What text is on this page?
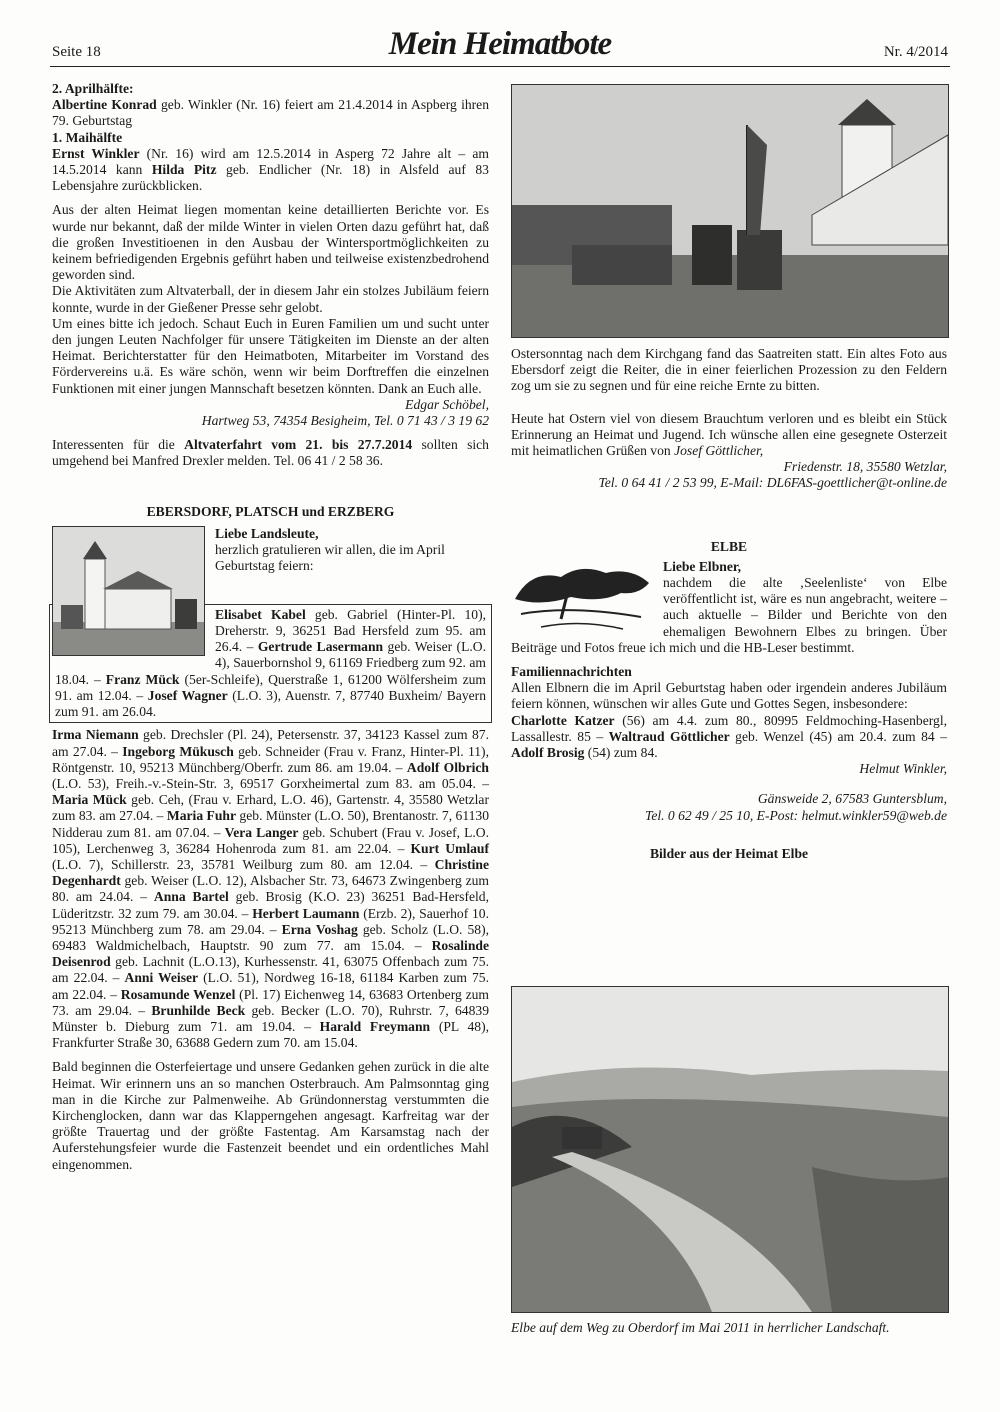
Seite 18	Mein Heimatbote	Nr. 4/2014

2. Aprilhälfte:

Albertine Konrad geb. Winkler (Nr. 16) feiert am 21.4.2014 in Aspberg ihren 79. Geburtstag

1. Maihälfte

Ernst Winkler (Nr. 16) wird am 12.5.2014 in Asperg 72 Jahre alt – am 14.5.2014 kann Hilda Pitz geb. Endlicher (Nr. 18) in Alsfeld auf 83 Lebensjahre zurückblicken.

Aus der alten Heimat liegen momentan keine detaillierten Berichte vor. Es wurde nur bekannt, daß der milde Winter in vielen Orten dazu geführt hat, daß die großen Investitioenen in den Ausbau der Wintersportmöglichkeiten zu keinem befriedigenden Ergebnis geführt haben und teilweise existenzbedrohend geworden sind.

Die Aktivitäten zum Altvaterball, der in diesem Jahr ein stolzes Jubiläum feiern konnte, wurde in der Gießener Presse sehr gelobt.

Um eines bitte ich jedoch. Schaut Euch in Euren Familien um und sucht unter den jungen Leuten Nachfolger für unsere Tätigkeiten im Dienste an der alten Heimat. Berichterstatter für den Heimatboten, Mitarbeiter im Vorstand des Fördervereins u.ä. Es wäre schön, wenn wir beim Dorftreffen die einzelnen Funktionen mit einer jungen Mannschaft besetzen könnten. Dank an Euch alle.

Edgar Schöbel,

Hartweg 53, 74354 Besigheim, Tel. 0 71 43 / 3 19 62

Interessenten für die Altvaterfahrt vom 21. bis 27.7.2014 sollten sich umgehend bei Manfred Drexler melden. Tel. 06 41 / 2 58 36.

EBERSDORF, PLATSCH und ERZBERG

Liebe Landsleute,

herzlich gratulieren wir allen, die im April Geburtstag feiern:

Elisabet Kabel geb. Gabriel (Hinter-Pl. 10), Dreherstr. 9, 36251 Bad Hersfeld zum 95. am 26.4. – Gertrude Lasermann geb. Weiser (L.O. 4), Sauerbornshol 9, 61169 Friedberg zum 92. am 18.04. – Franz Mück (5er-Schleife), Querstraße 1, 61200 Wölfersheim zum 91. am 12.04. – Josef Wagner (L.O. 3), Auenstr. 7, 87740 Buxheim/ Bayern zum 91. am 26.04.

Irma Niemann geb. Drechsler (Pl. 24), Petersenstr. 37, 34123 Kassel zum 87. am 27.04. – Ingeborg Mükusch geb. Schneider (Frau v. Franz, Hinter-Pl. 11), Röntgenstr. 10, 95213 Münchberg/Oberfr. zum 86. am 19.04. – Adolf Olbrich (L.O. 53), Freih.-v.-Stein-Str. 3, 69517 Gorxheimertal zum 83. am 05.04. – Maria Mück geb. Ceh, (Frau v. Erhard, L.O. 46), Gartenstr. 4, 35580 Wetzlar zum 83. am 27.04. – Maria Fuhr geb. Münster (L.O. 50), Brentanostr. 7, 61130 Nidderau zum 81. am 07.04. – Vera Langer geb. Schubert (Frau v. Josef, L.O. 105), Lerchenweg 3, 36284 Hohenroda zum 81. am 22.04. – Kurt Umlauf (L.O. 7), Schillerstr. 23, 35781 Weilburg zum 80. am 12.04. – Christine Degenhardt geb. Weiser (L.O. 12), Alsbacher Str. 73, 64673 Zwingenberg zum 80. am 24.04. – Anna Bartel geb. Brosig (K.O. 23) 36251 Bad-Hersfeld, Lüderitzstr. 32 zum 79. am 30.04. – Herbert Laumann (Erzb. 2), Sauerhof 10. 95213 Münchberg zum 78. am 29.04. – Erna Voshag geb. Scholz (L.O. 58), 69483 Waldmichelbach, Hauptstr. 90 zum 77. am 15.04. – Rosalinde Deisenrod geb. Lachnit (L.O.13), Kurhessenstr. 41, 63075 Offenbach zum 75. am 22.04. – Anni Weiser (L.O. 51), Nordweg 16-18, 61184 Karben zum 75. am 22.04. – Rosamunde Wenzel (Pl. 17) Eichenweg 14, 63683 Ortenberg zum 73. am 29.04. – Brunhilde Beck geb. Becker (L.O. 70), Ruhrstr. 7, 64839 Münster b. Dieburg zum 71. am 19.04. – Harald Freymann (PL 48), Frankfurter Straße 30, 63688 Gedern zum 70. am 15.04.

Bald beginnen die Osterfeiertage und unsere Gedanken gehen zurück in die alte Heimat. Wir erinnern uns an so manchen Osterbrauch. Am Palmsonntag ging man in die Kirche zur Palmenweihe. Ab Gründonnerstag verstummten die Kirchenglocken, dann war das Klapperngehen angesagt. Karfreitag war der größte Trauertag und der größte Fastentag. Am Karsamstag nach der Auferstehungsfeier wurde die Fastenzeit beendet und ein ordentliches Mahl eingenommen.

Ostersonntag nach dem Kirchgang fand das Saatreiten statt. Ein altes Foto aus Ebersdorf zeigt die Reiter, die in einer feierlichen Prozession zu den Feldern zog um sie zu segnen und für eine reiche Ernte zu bitten.

Heute hat Ostern viel von diesem Brauchtum verloren und es bleibt ein Stück Erinnerung an Heimat und Jugend. Ich wünsche allen eine gesegnete Osterzeit mit heimatlichen Grüßen von Josef Göttlicher,

Friedenstr. 18, 35580 Wetzlar,

Tel. 0 64 41 / 2 53 99, E-Mail: DL6FAS-goettlicher@t-online.de

ELBE

Liebe Elbner,

nachdem die alte ‚Seelenliste‘ von Elbe veröffentlicht ist, wäre es nun angebracht, weitere – auch aktuelle – Bilder und Berichte von den ehemaligen Bewohnern Elbes zu bringen. Über Beiträge und Fotos freue ich mich und die HB-Leser bestimmt.

Familiennachrichten

Allen Elbnern die im April Geburtstag haben oder irgendein anderes Jubiläum feiern können, wünschen wir alles Gute und Gottes Segen, insbesondere:

Charlotte Katzer (56) am 4.4. zum 80., 80995 Feldmoching-Hasenbergl, Lassallestr. 85 – Waltraud Göttlicher geb. Wenzel (45) am 20.4. zum 84 – Adolf Brosig (54) zum 84.

Helmut Winkler,

Gänsweide 2, 67583 Guntersblum,

Tel. 0 62 49 / 25 10, E-Post: helmut.winkler59@web.de

Bilder aus der Heimat Elbe

Elbe auf dem Weg zu Oberdorf im Mai 2011 in herrlicher Landschaft.
